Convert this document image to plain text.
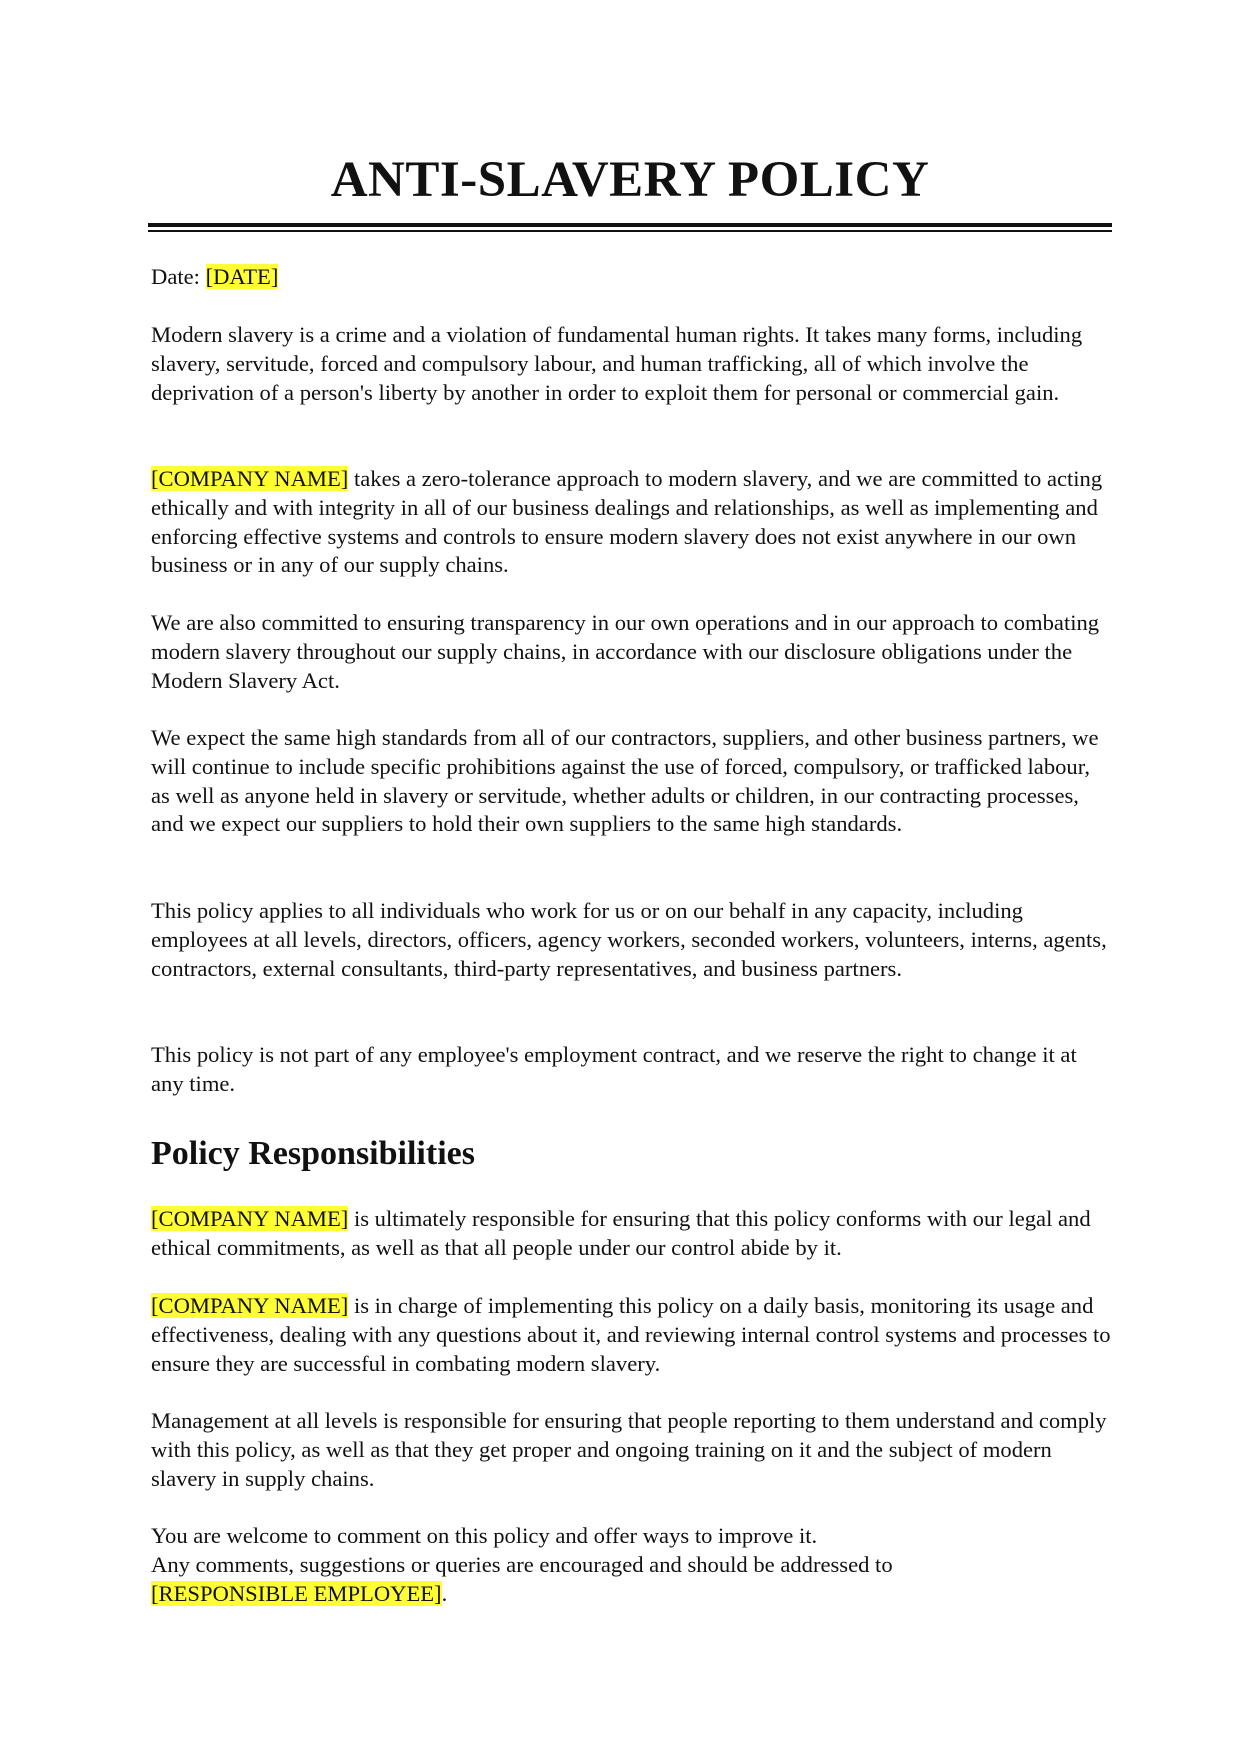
ANTI-SLAVERY POLICY

Date: [DATE]

Modern slavery is a crime and a violation of fundamental human rights. It takes many forms, including slavery, servitude, forced and compulsory labour, and human trafficking, all of which involve the deprivation of a person's liberty by another in order to exploit them for personal or commercial gain.

[COMPANY NAME] takes a zero-tolerance approach to modern slavery, and we are committed to acting ethically and with integrity in all of our business dealings and relationships, as well as implementing and enforcing effective systems and controls to ensure modern slavery does not exist anywhere in our own business or in any of our supply chains.

We are also committed to ensuring transparency in our own operations and in our approach to combating modern slavery throughout our supply chains, in accordance with our disclosure obligations under the Modern Slavery Act.

We expect the same high standards from all of our contractors, suppliers, and other business partners, we will continue to include specific prohibitions against the use of forced, compulsory, or trafficked labour, as well as anyone held in slavery or servitude, whether adults or children, in our contracting processes, and we expect our suppliers to hold their own suppliers to the same high standards.

This policy applies to all individuals who work for us or on our behalf in any capacity, including employees at all levels, directors, officers, agency workers, seconded workers, volunteers, interns, agents, contractors, external consultants, third-party representatives, and business partners.

This policy is not part of any employee's employment contract, and we reserve the right to change it at any time.

Policy Responsibilities

[COMPANY NAME] is ultimately responsible for ensuring that this policy conforms with our legal and ethical commitments, as well as that all people under our control abide by it.

[COMPANY NAME] is in charge of implementing this policy on a daily basis, monitoring its usage and effectiveness, dealing with any questions about it, and reviewing internal control systems and processes to ensure they are successful in combating modern slavery.

Management at all levels is responsible for ensuring that people reporting to them understand and comply with this policy, as well as that they get proper and ongoing training on it and the subject of modern slavery in supply chains.

You are welcome to comment on this policy and offer ways to improve it.
Any comments, suggestions or queries are encouraged and should be addressed to
[RESPONSIBLE EMPLOYEE].
